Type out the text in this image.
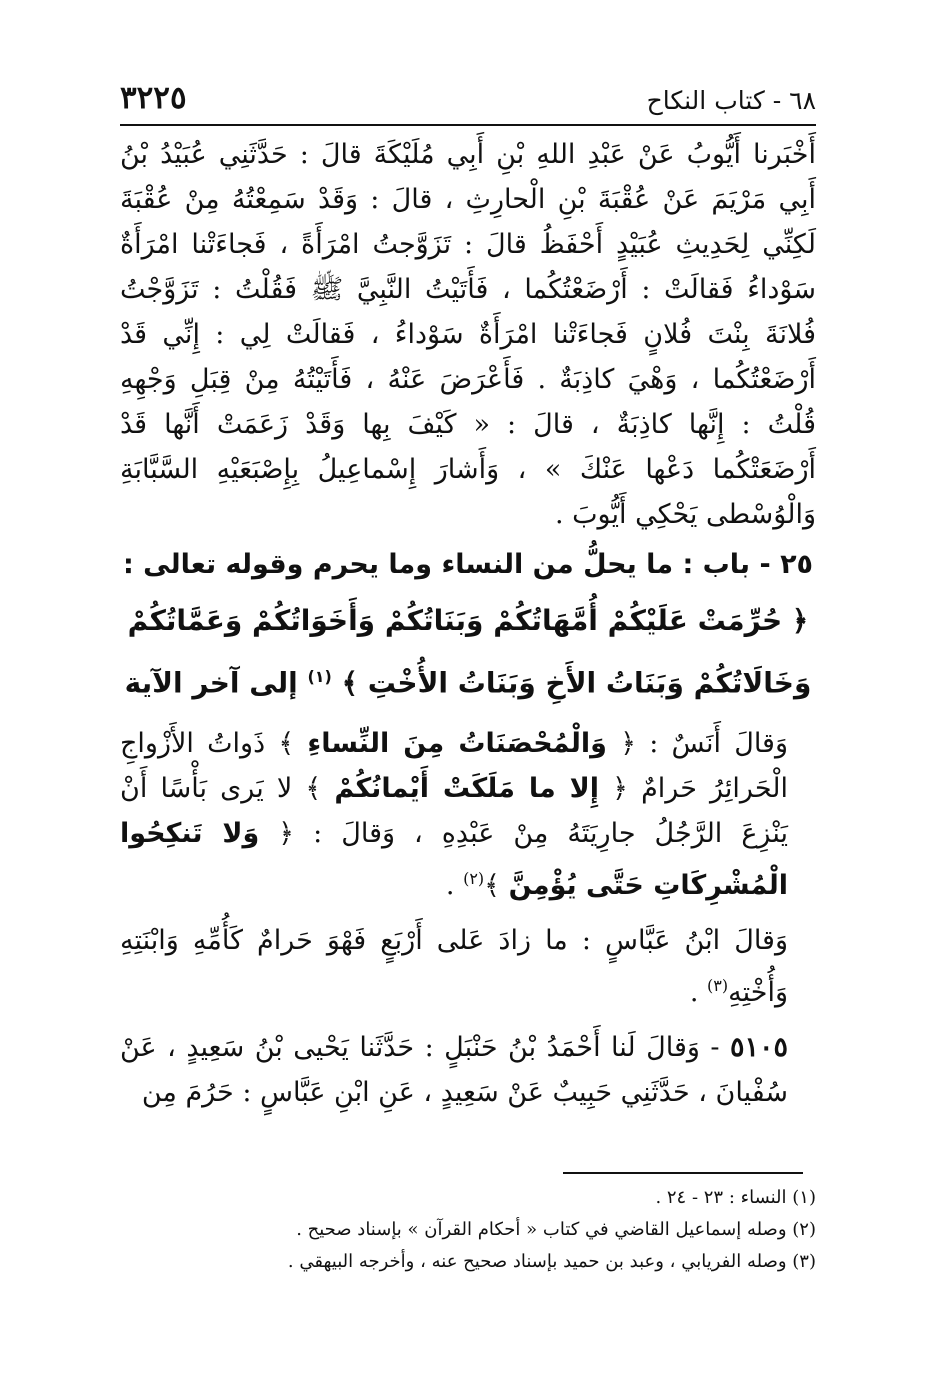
٦٨ - كتاب النكاح
٣٢٢٥

أَخْبَرنا أَيُّوبُ عَنْ عَبْدِ اللهِ بْنِ أَبِي مُلَيْكَةَ قالَ : حَدَّثَنِي عُبَيْدُ بْنُ أَبِي مَرْيَمَ عَنْ عُقْبَةَ بْنِ الْحارِثِ ، قالَ : وَقَدْ سَمِعْتُهُ مِنْ عُقْبَةَ لَكِنِّي لِحَدِيثِ عُبَيْدٍ أَحْفَظُ قالَ : تَزَوَّجتُ امْرَأَةً ، فَجاءَتْنا امْرَأَةٌ سَوْداءُ فَقالَتْ : أَرْضَعْتُكُما ، فَأَتَيْتُ النَّبِيَّ ﷺ فَقُلْتُ : تَزَوَّجْتُ فُلانَةَ بِنْتَ فُلانٍ فَجاءَتْنا امْرَأَةٌ سَوْداءُ ، فَقالَتْ لِي : إِنِّي قَدْ أَرْضَعْتُكُما ، وَهْيَ كاذِبَةٌ . فَأَعْرَضَ عَنْهُ ، فَأَتَيْتُهُ مِنْ قِبَلِ وَجْهِهِ قُلْتُ : إِنَّها كاذِبَةٌ ، قالَ : « كَيْفَ بِها وَقَدْ زَعَمَتْ أَنَّها قَدْ أَرْضَعَتْكُما دَعْها عَنْكَ » ، وَأَشارَ إِسْماعِيلُ بِإِصْبَعَيْهِ السَّبَّابَةِ وَالْوُسْطى يَحْكِي أَيُّوبَ .

٢٥ - باب : ما يحلُّ من النساء وما يحرم وقوله تعالى :

﴿ حُرِّمَتْ عَلَيْكُمْ أُمَّهَاتُكُمْ وَبَنَاتُكُمْ وَأَخَوَاتُكُمْ وَعَمَّاتُكُمْ

وَخَالَاتُكُمْ وَبَنَاتُ الأَخِ وَبَنَاتُ الأُخْتِ ﴾ $^{(١)}$ إلى آخر الآية

وَقالَ أَنَسٌ : ﴿ وَالْمُحْصَنَاتُ مِنَ النِّساءِ ﴾ ذَواتُ الأَزْواجِ الْحَرائِرُ حَرامٌ ﴿ إِلا ما مَلَكَتْ أَيْمانُكُمْ ﴾ لا يَرى بَأْسًا أَنْ يَنْزِعَ الرَّجُلُ جارِيَتَهُ مِنْ عَبْدِهِ ، وَقالَ : ﴿ وَلا تَنكِحُوا الْمُشْرِكَاتِ حَتَّى يُؤْمِنَّ ﴾$^{(٢)}$ .

وَقالَ ابْنُ عَبَّاسٍ : ما زادَ عَلى أَرْبَعٍ فَهْوَ حَرامٌ كَأُمِّهِ وَابْنَتِهِ وَأُخْتِهِ$^{(٣)}$ .

٥١٠٥ - وَقالَ لَنا أَحْمَدُ بْنُ حَنْبَلٍ : حَدَّثَنا يَحْيى بْنُ سَعِيدٍ ، عَنْ سُفْيانَ ، حَدَّثَنِي حَبِيبٌ عَنْ سَعِيدٍ ، عَنِ ابْنِ عَبَّاسٍ : حَرُمَ مِن

(١) النساء : ٢٣ - ٢٤ .

(٢) وصله إسماعيل القاضي في كتاب « أحكام القرآن » بإسناد صحيح .

(٣) وصله الفريابي ، وعبد بن حميد بإسناد صحيح عنه ، وأخرجه البيهقي .
